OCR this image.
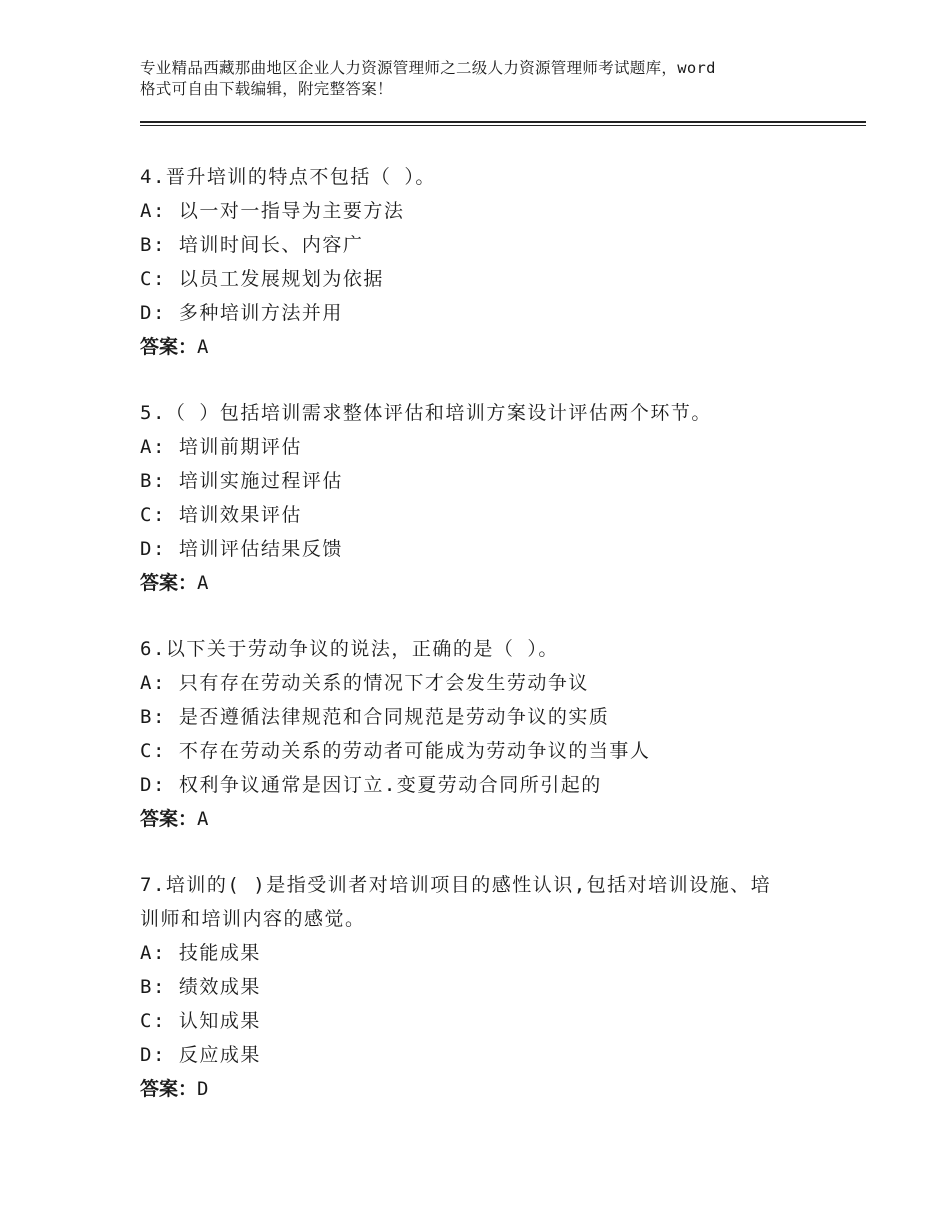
专业精品西藏那曲地区企业人力资源管理师之二级人力资源管理师考试题库，word
格式可自由下载编辑，附完整答案！
4.晋升培训的特点不包括（ ）。
A: 以一对一指导为主要方法
B: 培训时间长、内容广
C: 以员工发展规划为依据
D: 多种培训方法并用
答案：A
5.（ ）包括培训需求整体评估和培训方案设计评估两个环节。
A: 培训前期评估
B: 培训实施过程评估
C: 培训效果评估
D: 培训评估结果反馈
答案：A
6.以下关于劳动争议的说法，正确的是（ ）。
A: 只有存在劳动关系的情况下才会发生劳动争议
B: 是否遵循法律规范和合同规范是劳动争议的实质
C: 不存在劳动关系的劳动者可能成为劳动争议的当事人
D: 权利争议通常是因订立.变夏劳动合同所引起的
答案：A
7.培训的( )是指受训者对培训项目的感性认识,包括对培训设施、培
训师和培训内容的感觉。
A: 技能成果
B: 绩效成果
C: 认知成果
D: 反应成果
答案：D
